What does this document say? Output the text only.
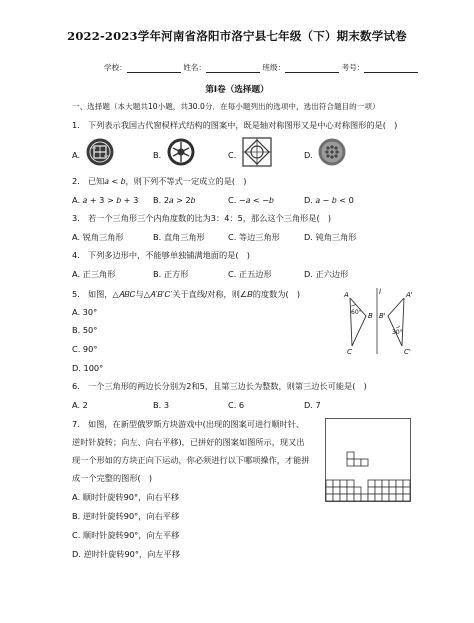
2022-2023学年河南省洛阳市洛宁县七年级（下）期末数学试卷
学校：	姓名：	班级：	考号：
第Ⅰ卷（选择题）
一、选择题（本大题共10小题，共30.0分．在每小题列出的选项中，选出符合题目的一项）
1.　下列表示我国古代窗棂样式结构的图案中，既是轴对称图形又是中心对称图形的是(　)
A.	B.	C.	D.
2.　已知𝑎 < 𝑏，则下列不等式一定成立的是(　)
A. 𝑎 + 3 > 𝑏 + 3 B. 2𝑎 > 2𝑏	C. −𝑎 < −𝑏	D. 𝑎 − 𝑏 < 0
3.　若一个三角形三个内角度数的比为3：4：5，那么这个三角形是(　)
A. 锐角三角形	B. 直角三角形	C. 等边三角形	D. 钝角三角形
4.　下列多边形中，不能够单独铺满地面的是(　)
A. 正三角形	B. 正方形	C. 正五边形	D. 正六边形
5.　如图，△𝐴𝐵𝐶与△𝐴′𝐵′𝐶′关于直线𝑙对称，则∠𝐵的度数为(　)
A. 30°
B. 50°
C. 90°
D. 100°
A
B
C
l	A'
B'
C'
60°
30°
6.　一个三角形的两边长分别为2和5，且第三边长为整数，则第三边长可能是(　)
A. 2	B. 3	C. 6	D. 7
7.　如图，在新型俄罗斯方块游戏中(出现的图案可进行顺时针、
逆时针旋转；向左、向右平移)，已拼好的图案如图所示，现又出
现一个形如的方块正向下运动，你必须进行以下哪项操作，才能拼
成一个完整的图形(　)
A. 顺时针旋转90°，向右平移
B. 逆时针旋转90°，向右平移
C. 顺时针旋转90°，向左平移
D. 逆时针旋转90°，向左平移
